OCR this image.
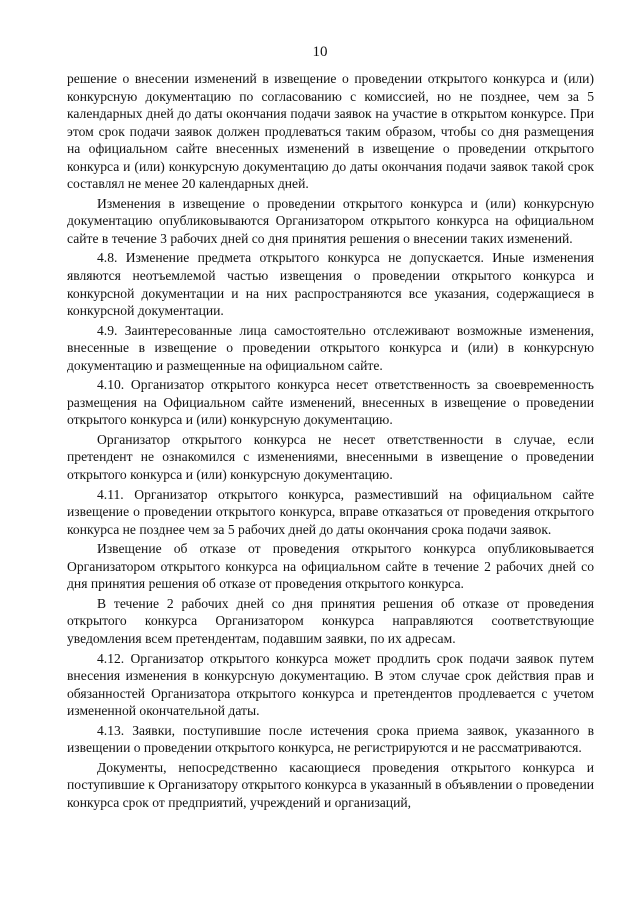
10

решение о внесении изменений в извещение о проведении открытого конкурса и (или) конкурсную документацию по согласованию с комиссией, но не позднее, чем за 5 календарных дней до даты окончания подачи заявок на участие в открытом конкурсе. При этом срок подачи заявок должен продлеваться таким образом, чтобы со дня размещения на официальном сайте внесенных изменений в извещение о проведении открытого конкурса и (или) конкурсную документацию до даты окончания подачи заявок такой срок составлял не менее 20 календарных дней.

Изменения в извещение о проведении открытого конкурса и (или) конкурсную документацию опубликовываются Организатором открытого конкурса на официальном сайте в течение 3 рабочих дней со дня принятия решения о внесении таких изменений.

4.8. Изменение предмета открытого конкурса не допускается. Иные изменения являются неотъемлемой частью извещения о проведении открытого конкурса и конкурсной документации и на них распространяются все указания, содержащиеся в конкурсной документации.

4.9. Заинтересованные лица самостоятельно отслеживают возможные изменения, внесенные в извещение о проведении открытого конкурса и (или) в конкурсную документацию и размещенные на официальном сайте.

4.10. Организатор открытого конкурса несет ответственность за своевременность размещения на Официальном сайте изменений, внесенных в извещение о проведении открытого конкурса и (или) конкурсную документацию.

Организатор открытого конкурса не несет ответственности в случае, если претендент не ознакомился с изменениями, внесенными в извещение о проведении открытого конкурса и (или) конкурсную документацию.

4.11. Организатор открытого конкурса, разместивший на официальном сайте извещение о проведении открытого конкурса, вправе отказаться от проведения открытого конкурса не позднее чем за 5 рабочих дней до даты окончания срока подачи заявок.

Извещение об отказе от проведения открытого конкурса опубликовывается Организатором открытого конкурса на официальном сайте в течение 2 рабочих дней со дня принятия решения об отказе от проведения открытого конкурса.

В течение 2 рабочих дней со дня принятия решения об отказе от проведения открытого конкурса Организатором конкурса направляются соответствующие уведомления всем претендентам, подавшим заявки, по их адресам.

4.12. Организатор открытого конкурса может продлить срок подачи заявок путем внесения изменения в конкурсную документацию. В этом случае срок действия прав и обязанностей Организатора открытого конкурса и претендентов продлевается с учетом измененной окончательной даты.

4.13. Заявки, поступившие после истечения срока приема заявок, указанного в извещении о проведении открытого конкурса, не регистрируются и не рассматриваются.

Документы, непосредственно касающиеся проведения открытого конкурса и поступившие к Организатору открытого конкурса в указанный в объявлении о проведении конкурса срок от предприятий, учреждений и организаций,
